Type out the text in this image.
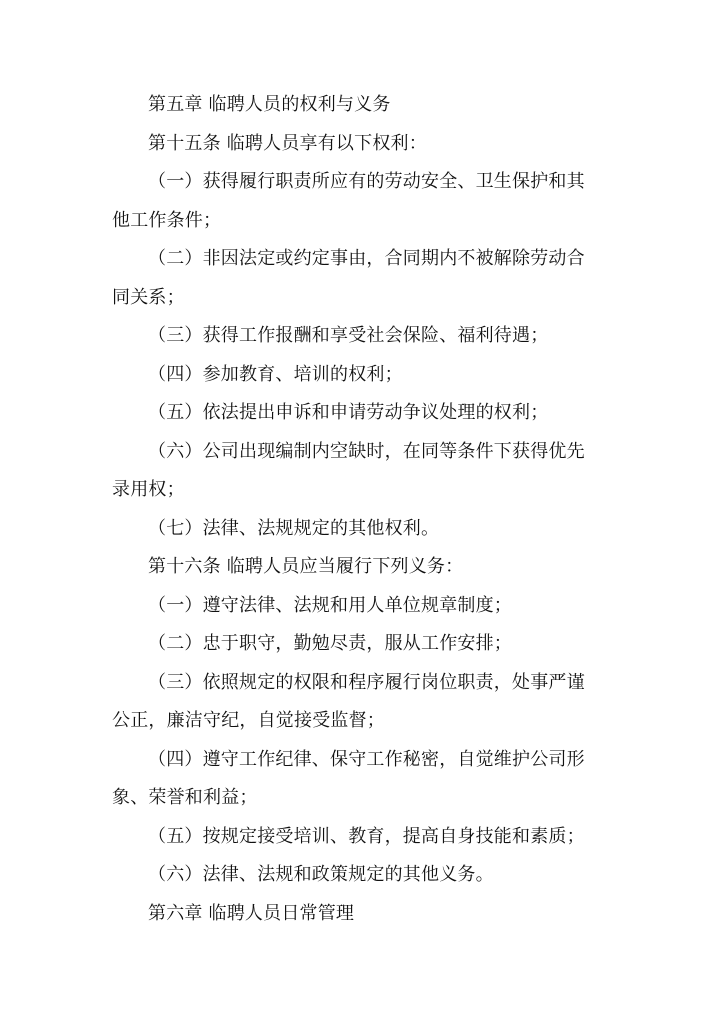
第五章 临聘人员的权利与义务
第十五条 临聘人员享有以下权利：
（一）获得履行职责所应有的劳动安全、卫生保护和其
他工作条件；
（二）非因法定或约定事由，合同期内不被解除劳动合
同关系；
（三）获得工作报酬和享受社会保险、福利待遇；
（四）参加教育、培训的权利；
（五）依法提出申诉和申请劳动争议处理的权利；
（六）公司出现编制内空缺时，在同等条件下获得优先
录用权；
（七）法律、法规规定的其他权利。
第十六条 临聘人员应当履行下列义务：
（一）遵守法律、法规和用人单位规章制度；
（二）忠于职守，勤勉尽责，服从工作安排；
（三）依照规定的权限和程序履行岗位职责，处事严谨
公正，廉洁守纪，自觉接受监督；
（四）遵守工作纪律、保守工作秘密，自觉维护公司形
象、荣誉和利益；
（五）按规定接受培训、教育，提高自身技能和素质；
（六）法律、法规和政策规定的其他义务。
第六章 临聘人员日常管理
